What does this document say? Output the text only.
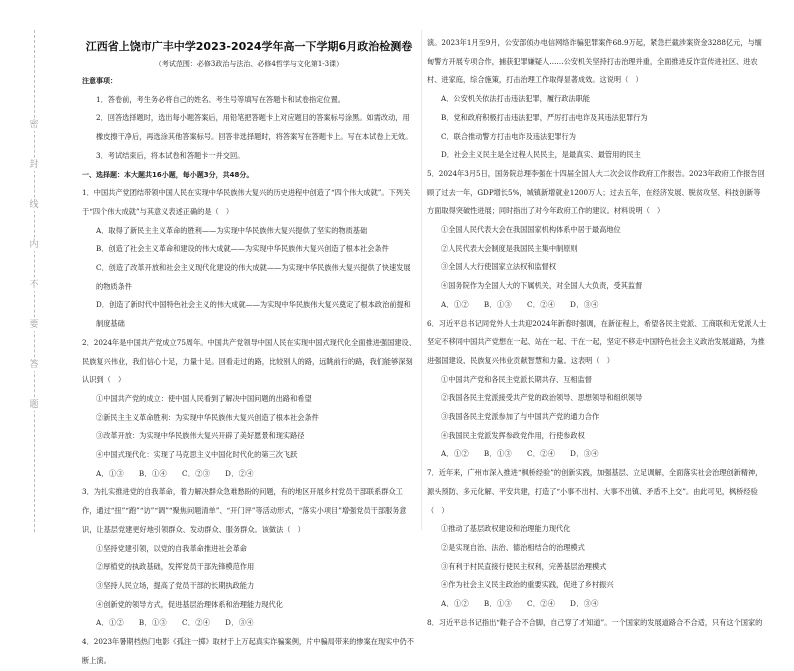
密
封
线
内
不
要
答
题
江西省上饶市广丰中学2023-2024学年高一下学期6月政治检测卷
（考试范围：必修3政治与法治、必修4哲学与文化第1-3课）

注意事项：

1．答卷前，考生务必将自己的姓名、考生号等填写在答题卡和试卷指定位置。

2．回答选择题时，选出每小题答案后，用铅笔把答题卡上对应题目的答案标号涂黑。如需改动，用橡皮擦干净后，再选涂其他答案标号。回答非选择题时，将答案写在答题卡上。写在本试卷上无效。

3．考试结束后，将本试卷和答题卡一并交回。

一、选择题：本大题共16小题，每小题3分，共48分。

1．中国共产党团结带领中国人民在实现中华民族伟大复兴的历史进程中创造了“四个伟大成就”。下列关于“四个伟大成就”与其意义表述正确的是（　）

A．取得了新民主主义革命的胜利——为实现中华民族伟大复兴提供了坚实的物质基础

B．创造了社会主义革命和建设的伟大成就——为实现中华民族伟大复兴创造了根本社会条件

C．创造了改革开放和社会主义现代化建设的伟大成就——为实现中华民族伟大复兴提供了快速发展的物质条件

D．创造了新时代中国特色社会主义的伟大成就——为实现中华民族伟大复兴奠定了根本政治前提和制度基础

2．2024年是中国共产党成立75周年。中国共产党领导中国人民在实现中国式现代化全面推进强国建设、民族复兴伟业，我们信心十足，力量十足。回看走过的路，比较别人的路，远眺前行的路，我们能够深刻认识到（　）

①中国共产党的成立：使中国人民看到了解决中国问题的出路和希望

②新民主主义革命胜利：为实现中华民族伟大复兴创造了根本社会条件

③改革开放：为实现中华民族伟大复兴开辟了美好愿景和现实路径

④中国式现代化：实现了马克思主义中国化时代化的第三次飞跃

A．①③　　B．①④　　C．②③　　D．②④

3．为扎实推进党的自我革命，着力解决群众急难愁盼的问题，有的地区开展乡村党员干部联系群众工作，通过“扭”“跑”“访”“调”“聚焦问题清单”、“开门评”等活动形式，“落实小项目”增强党员干部服务意识，让基层党建更好地引领群众、发动群众、服务群众。该做法（　）

①坚持党建引领，以党的自我革命推进社会革命

②厚植党的执政基础，发挥党员干部先锋模范作用

③坚持人民立场，提高了党员干部的长期执政能力

④创新党的领导方式，促进基层治理体系和治理能力现代化

A．①②　　B．①③　　C．②④　　D．③④

4．2023年暑期档热门电影《孤注一掷》取材于上万起真实诈骗案例，片中骗局带来的惨案在现实中仍不断上演。

演。2023年1月至9月，公安部侦办电信网络诈骗犯罪案件68.9万起，紧急拦截涉案资金3288亿元，与缅甸警方开展专项合作，捕获犯罪嫌疑人……公安机关坚持打击治理并重，全面推进反诈宣传进社区、进农村、进家庭，综合施策，打击治理工作取得显著成效。这说明（　）

A．公安机关依法打击违法犯罪，履行政法职能

B．党和政府积极打击违法犯罪，严厉打击电诈及其违法犯罪行为

C．联合推动警方打击电诈及违法犯罪行为

D．社会主义民主是全过程人民民主，是最真实、最管用的民主

5．2024年3月5日，国务院总理李强在十四届全国人大二次会议作政府工作报告。2023年政府工作报告回顾了过去一年，GDP增长5%，城镇新增就业1200万人；过去五年，在经济发展、脱贫攻坚、科技创新等方面取得突破性进展；同时指出了对今年政府工作的建议。材料说明（　）

①全国人民代表大会在我国国家机构体系中居于最高地位

②人民代表大会制度是我国民主集中制原则

③全国人大行使国家立法权和监督权

④国务院作为全国人大的下属机关，对全国人大负责，受其监督

A．①②　　B．①③　　C．②④　　D．③④

6．习近平总书记同党外人士共迎2024年新春时强调，在新征程上，希望各民主党派、工商联和无党派人士坚定不移同中国共产党想在一起、站在一起、干在一起，坚定不移走中国特色社会主义政治发展道路，为推进强国建设、民族复兴伟业贡献智慧和力量。这表明（　）

①中国共产党和各民主党派长期共存、互相监督

②我国各民主党派接受共产党的政治领导、思想领导和组织领导

③我国各民主党派参加了与中国共产党的通力合作

④我国民主党派发挥参政党作用，行使参政权

A．①②　　B．①③　　C．②④　　D．③④

7．近年来，广州市深入推进“枫桥经验”的创新实践，加强基层、立足调解，全面落实社会治理创新精神，源头预防、多元化解、平安共建，打造了“小事不出村、大事不出镇、矛盾不上交”。由此可见，枫桥经验（　）

①推动了基层政权建设和治理能力现代化

②是实现自治、法治、德治相结合的治理模式

③有利于村民直接行使民主权利，完善基层治理模式

④作为社会主义民主政治的重要实践，促进了乡村振兴

A．①②　　B．①③　　C．②④　　D．③④

8．习近平总书记指出“鞋子合不合脚，自己穿了才知道”。一个国家的发展道路合不合适，只有这个国家的
